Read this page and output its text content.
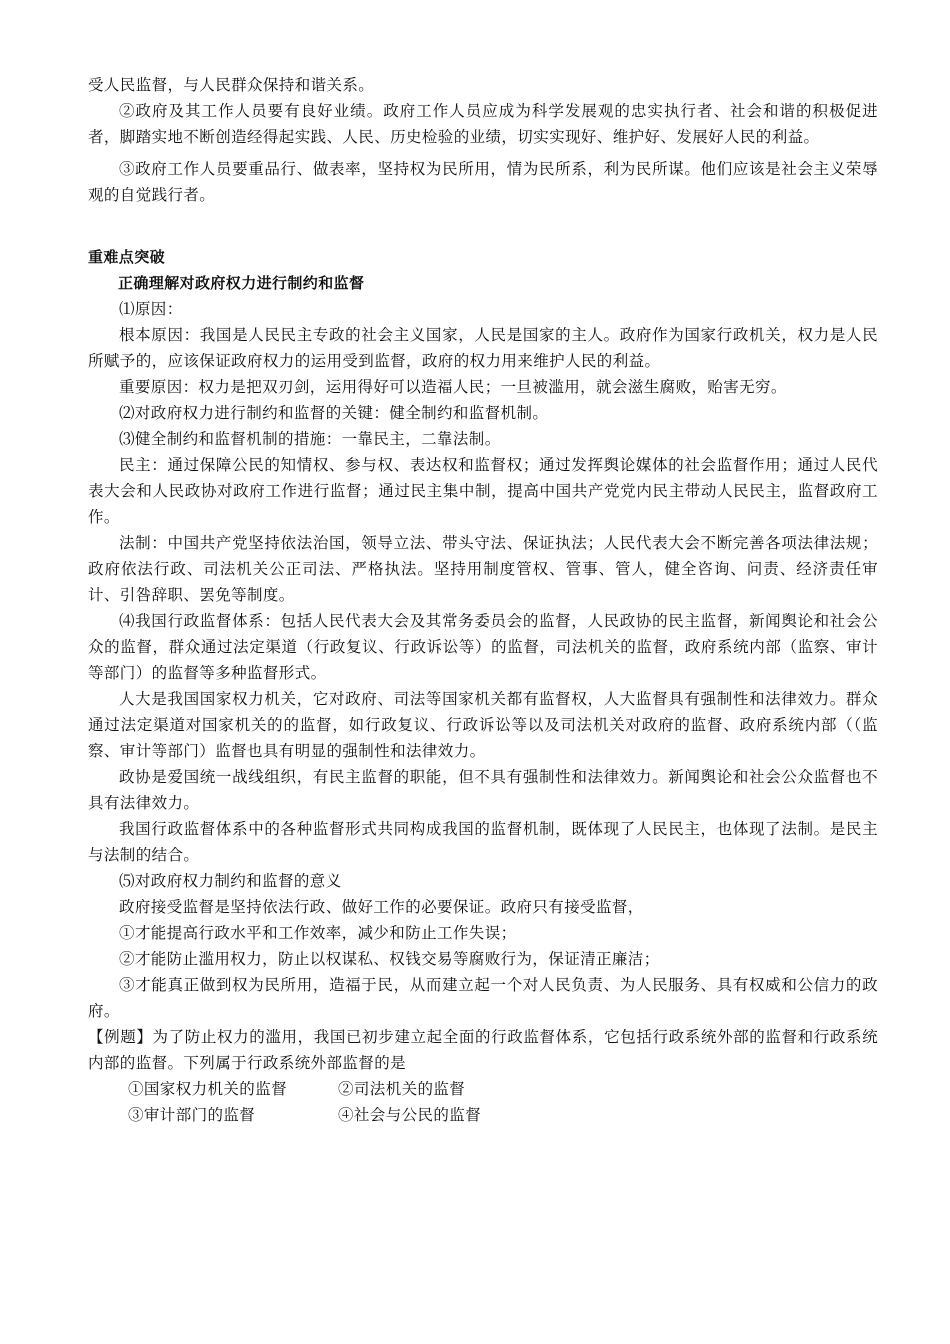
受人民监督，与人民群众保持和谐关系。

②政府及其工作人员要有良好业绩。政府工作人员应成为科学发展观的忠实执行者、社会和谐的积极促进者，脚踏实地不断创造经得起实践、人民、历史检验的业绩，切实实现好、维护好、发展好人民的利益。

③政府工作人员要重品行、做表率，坚持权为民所用，情为民所系，利为民所谋。他们应该是社会主义荣辱观的自觉践行者。

重难点突破

正确理解对政府权力进行制约和监督

⑴原因：

根本原因：我国是人民民主专政的社会主义国家，人民是国家的主人。政府作为国家行政机关，权力是人民所赋予的，应该保证政府权力的运用受到监督，政府的权力用来维护人民的利益。

重要原因：权力是把双刃剑，运用得好可以造福人民；一旦被滥用，就会滋生腐败，贻害无穷。

⑵对政府权力进行制约和监督的关键：健全制约和监督机制。

⑶健全制约和监督机制的措施：一靠民主，二靠法制。

民主：通过保障公民的知情权、参与权、表达权和监督权；通过发挥舆论媒体的社会监督作用；通过人民代表大会和人民政协对政府工作进行监督；通过民主集中制，提高中国共产党党内民主带动人民民主，监督政府工作。

法制：中国共产党坚持依法治国，领导立法、带头守法、保证执法；人民代表大会不断完善各项法律法规；政府依法行政、司法机关公正司法、严格执法。坚持用制度管权、管事、管人，健全咨询、问责、经济责任审计、引咎辞职、罢免等制度。

⑷我国行政监督体系：包括人民代表大会及其常务委员会的监督，人民政协的民主监督，新闻舆论和社会公众的监督，群众通过法定渠道（行政复议、行政诉讼等）的监督，司法机关的监督，政府系统内部（监察、审计等部门）的监督等多种监督形式。

人大是我国国家权力机关，它对政府、司法等国家机关都有监督权，人大监督具有强制性和法律效力。群众通过法定渠道对国家机关的的监督，如行政复议、行政诉讼等以及司法机关对政府的监督、政府系统内部（（监察、审计等部门）监督也具有明显的强制性和法律效力。

政协是爱国统一战线组织，有民主监督的职能，但不具有强制性和法律效力。新闻舆论和社会公众监督也不具有法律效力。

我国行政监督体系中的各种监督形式共同构成我国的监督机制，既体现了人民民主，也体现了法制。是民主与法制的结合。

⑸对政府权力制约和监督的意义

政府接受监督是坚持依法行政、做好工作的必要保证。政府只有接受监督，

①才能提高行政水平和工作效率，减少和防止工作失误；

②才能防止滥用权力，防止以权谋私、权钱交易等腐败行为，保证清正廉洁；

③才能真正做到权为民所用，造福于民，从而建立起一个对人民负责、为人民服务、具有权威和公信力的政府。

【例题】为了防止权力的滥用，我国已初步建立起全面的行政监督体系，它包括行政系统外部的监督和行政系统内部的监督。下列属于行政系统外部监督的是

①国家权力机关的监督	②司法机关的监督
③审计部门的监督	④社会与公民的监督
